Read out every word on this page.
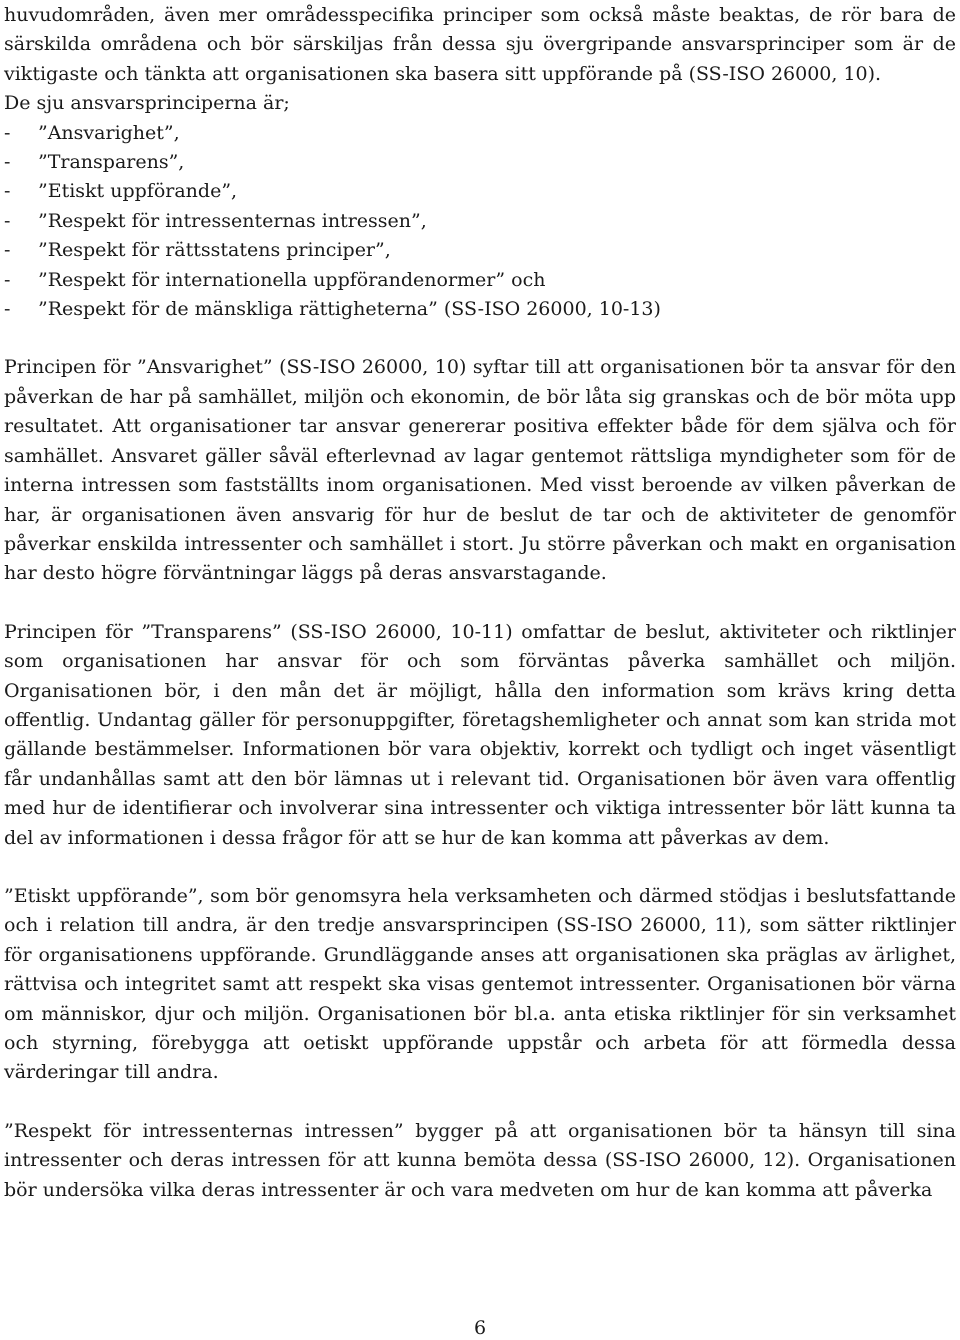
huvudområden, även mer områdesspecifika principer som också måste beaktas, de rör bara de särskilda områdena och bör särskiljas från dessa sju övergripande ansvarsprinciper som är de viktigaste och tänkta att organisationen ska basera sitt uppförande på (SS-ISO 26000, 10).

De sju ansvarsprinciperna är;

-	”Ansvarighet”,
-	”Transparens”,
-	”Etiskt uppförande”,
-	”Respekt för intressenternas intressen”,
-	”Respekt för rättsstatens principer”,
-	”Respekt för internationella uppförandenormer” och
-	”Respekt för de mänskliga rättigheterna” (SS-ISO 26000, 10-13)

Principen för ”Ansvarighet” (SS-ISO 26000, 10) syftar till att organisationen bör ta ansvar för den påverkan de har på samhället, miljön och ekonomin, de bör låta sig granskas och de bör möta upp resultatet. Att organisationer tar ansvar genererar positiva effekter både för dem själva och för samhället. Ansvaret gäller såväl efterlevnad av lagar gentemot rättsliga myndigheter som för de interna intressen som fastställts inom organisationen. Med visst beroende av vilken påverkan de har, är organisationen även ansvarig för hur de beslut de tar och de aktiviteter de genomför påverkar enskilda intressenter och samhället i stort. Ju större påverkan och makt en organisation har desto högre förväntningar läggs på deras ansvarstagande.

Principen för ”Transparens” (SS-ISO 26000, 10-11) omfattar de beslut, aktiviteter och riktlinjer som organisationen har ansvar för och som förväntas påverka samhället och miljön. Organisationen bör, i den mån det är möjligt, hålla den information som krävs kring detta offentlig. Undantag gäller för personuppgifter, företagshemligheter och annat som kan strida mot gällande bestämmelser. Informationen bör vara objektiv, korrekt och tydligt och inget väsentligt får undanhållas samt att den bör lämnas ut i relevant tid. Organisationen bör även vara offentlig med hur de identifierar och involverar sina intressenter och viktiga intressenter bör lätt kunna ta del av informationen i dessa frågor för att se hur de kan komma att påverkas av dem.

”Etiskt uppförande”, som bör genomsyra hela verksamheten och därmed stödjas i beslutsfattande och i relation till andra, är den tredje ansvarsprincipen (SS-ISO 26000, 11), som sätter riktlinjer för organisationens uppförande. Grundläggande anses att organisationen ska präglas av ärlighet, rättvisa och integritet samt att respekt ska visas gentemot intressenter. Organisationen bör värna om människor, djur och miljön. Organisationen bör bl.a. anta etiska riktlinjer för sin verksamhet och styrning, förebygga att oetiskt uppförande uppstår och arbeta för att förmedla dessa värderingar till andra.

”Respekt för intressenternas intressen” bygger på att organisationen bör ta hänsyn till sina intressenter och deras intressen för att kunna bemöta dessa (SS-ISO 26000, 12). Organisationen bör undersöka vilka deras intressenter är och vara medveten om hur de kan komma att påverka

6
